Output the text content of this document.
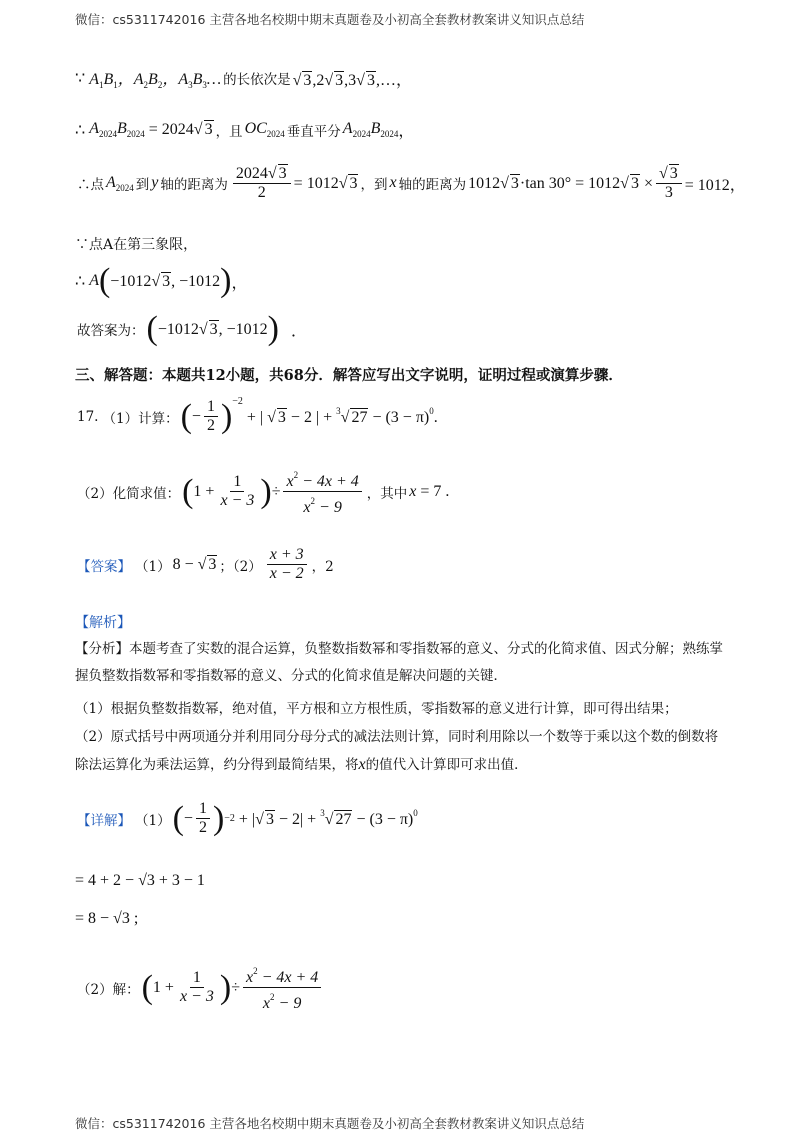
微信：cs5311742016 主营各地名校期中期末真题卷及小初高全套教材教案讲义知识点总结
∵ $A_1B_1$，$A_2B_2$，$A_3B_3\dots$ 的长依次是 √ 3,2√ 3,3√ 3,…，
∴ $A_{2024}B_{2024} = 2024√$ 3 ，且 $OC_{2024}$ 垂直平分 $A_{2024}B_{2024}$ ，
∴点 $A_{2024}$ 到 y 轴的距离为 $\frac{2024√ 3}{2} = 1012√$ 3 ，到 x 轴的距离为 1012√ 3·tan 30° = 1012√ $3 \times \frac{√ 3}{3} = 1012$，
∵点A在第三象限，
∴ A ( −1012√ 3, −1012 ) ，
故答案为： ( −1012√ 3, −1012 ) ．
三、解答题：本题共12小题，共68分．解答应写出文字说明，证明过程或演算步骤．
17. （1）计算： ( − $\frac{1}{2}$ ) −2
+ | √ 3 − 2 | + $^3$√ $27 - (3 - \pi)^0$.
（2）化简求值： ( $1 + \frac{1}{x - 3}$ ) ÷ $\frac{x^2 - 4x + 4}{x^2 - 9}$ ，其中 x = 7 .
【答案】 （1） 8 − √ 3 ；$(2) \frac{x + 3}{x - 2}$ ，2
【解析】
【分析】本题考查了实数的混合运算，负整数指数幂和零指数幂的意义、分式的化简求值、因式分解；熟练掌握负整数指数幂和零指数幂的意义、分式的化简求值是解决问题的关键．
（1）根据负整数指数幂，绝对值，平方根和立方根性质，零指数幂的意义进行计算，即可得出结果；
（2）原式括号中两项通分并利用同分母分式的减法法则计算，同时利用除以一个数等于乘以这个数的倒数将除法运算化为乘法运算，约分得到最简结果，将x的值代入计算即可求出值．
【详解】 （1） ( − $\frac{1}{2}$ ) −2 + |√ 3 − 2| + $^3$√ $27 - (3 - \pi)^0$
= 4 + 2 − √3 + 3 − 1
= 8 − √3 ;
（2）解： ( $1 + \frac{1}{x - 3}$ ) ÷ $\frac{x^2 - 4x + 4}{x^2 - 9}$
微信：cs5311742016 主营各地名校期中期末真题卷及小初高全套教材教案讲义知识点总结
